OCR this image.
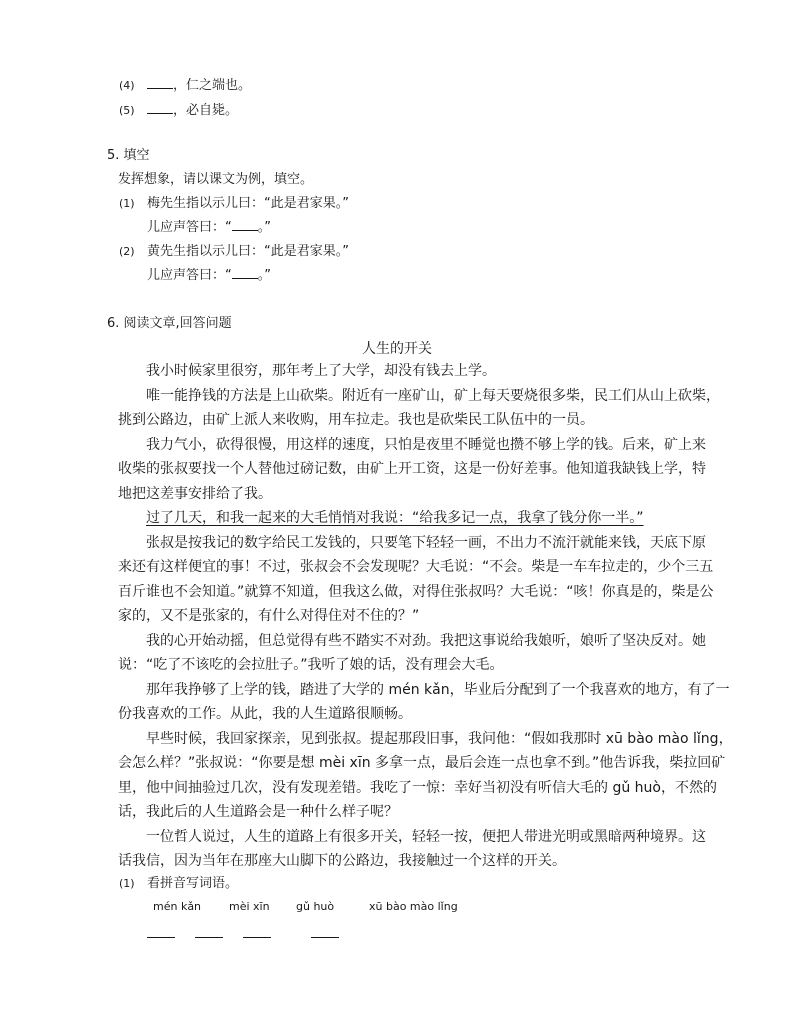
(4)	，仁之端也。
(5)	，必自毙。
5. 填空
发挥想象，请以课文为例，填空。
(1) 梅先生指以示儿曰：“此是君家果。”
儿应声答曰：“ 。”
(2) 黄先生指以示儿曰：“此是君家果。”
儿应声答曰：“ 。”
6. 阅读文章,回答问题
人生的开关
我小时候家里很穷，那年考上了大学，却没有钱去上学。
唯一能挣钱的方法是上山砍柴。附近有一座矿山，矿上每天要烧很多柴，民工们从山上砍柴，
挑到公路边，由矿上派人来收购，用车拉走。我也是砍柴民工队伍中的一员。
我力气小，砍得很慢，用这样的速度，只怕是夜里不睡觉也攒不够上学的钱。后来，矿上来
收柴的张叔要找一个人替他过磅记数，由矿上开工资，这是一份好差事。他知道我缺钱上学，特
地把这差事安排给了我。
过了几天，和我一起来的大毛悄悄对我说：“给我多记一点，我拿了钱分你一半。”
张叔是按我记的数字给民工发钱的，只要笔下轻轻一画，不出力不流汗就能来钱，天底下原
来还有这样便宜的事！不过，张叔会不会发现呢？大毛说：“不会。柴是一车车拉走的，少个三五
百斤谁也不会知道。”就算不知道，但我这么做，对得住张叔吗？大毛说：“咳！你真是的，柴是公
家的，又不是张家的，有什么对得住对不住的？”
我的心开始动摇，但总觉得有些不踏实不对劲。我把这事说给我娘听，娘听了坚决反对。她
说：“吃了不该吃的会拉肚子。”我听了娘的话，没有理会大毛。
那年我挣够了上学的钱，踏进了大学的 mén kǎn，毕业后分配到了一个我喜欢的地方，有了一
份我喜欢的工作。从此，我的人生道路很顺畅。
早些时候，我回家探亲，见到张叔。提起那段旧事，我问他：“假如我那时 xū bào mào lǐng，
会怎么样？”张叔说：“你要是想 mèi xīn 多拿一点，最后会连一点也拿不到。”他告诉我，柴拉回矿
里，他中间抽验过几次，没有发现差错。我吃了一惊：幸好当初没有听信大毛的 gǔ huò，不然的
话，我此后的人生道路会是一种什么样子呢？
一位哲人说过，人生的道路上有很多开关，轻轻一按，便把人带进光明或黑暗两种境界。这
话我信，因为当年在那座大山脚下的公路边，我接触过一个这样的开关。
(1) 看拼音写词语。
mén kǎn	mèi xīn gǔ huò	xū bào mào lǐng
